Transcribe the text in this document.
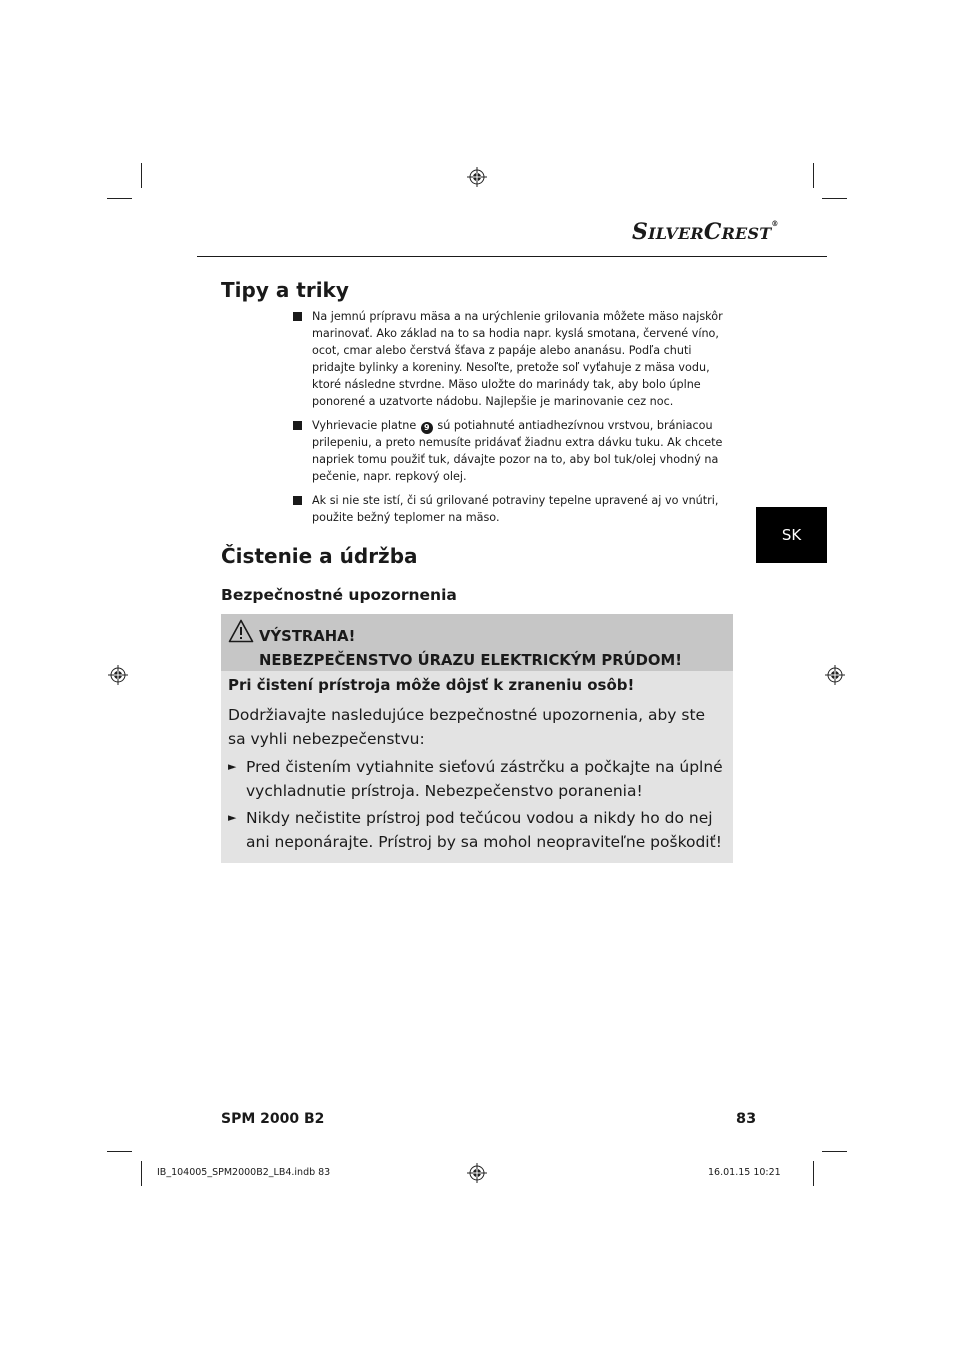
SILVERCREST®
Tipy a triky
Na jemnú prípravu mäsa a na urýchlenie grilovania môžete mäso najskôr marinovať. Ako základ na to sa hodia napr. kyslá smotana, červené víno, ocot, cmar alebo čerstvá šťava z papáje alebo ananásu. Podľa chuti pridajte bylinky a koreniny. Nesoľte, pretože soľ vyťahuje z mäsa vodu, ktoré následne stvrdne. Mäso uložte do marinády tak, aby bolo úplne ponorené a uzatvorte nádobu. Najlepšie je marinovanie cez noc.
Vyhrievacie platne 9 sú potiahnuté antiadhezívnou vrstvou, brániacou prilepeniu, a preto nemusíte pridávať žiadnu extra dávku tuku. Ak chcete napriek tomu použiť tuk, dávajte pozor na to, aby bol tuk/olej vhodný na pečenie, napr. repkový olej.
Ak si nie ste istí, či sú grilované potraviny tepelne upravené aj vo vnútri, použite bežný teplomer na mäso.
SK
Čistenie a údržba
Bezpečnostné upozornenia
VÝSTRAHA!
NEBEZPEČENSTVO ÚRAZU ELEKTRICKÝM PRÚDOM!
Pri čistení prístroja môže dôjsť k zraneniu osôb!
Dodržiavajte nasledujúce bezpečnostné upozornenia, aby ste sa vyhli nebezpečenstvu:
► Pred čistením vytiahnite sieťovú zástrčku a počkajte na úplné vychladnutie prístroja. Nebezpečenstvo poranenia!
► Nikdy nečistite prístroj pod tečúcou vodou a nikdy ho do nej ani neponárajte. Prístroj by sa mohol neopraviteľne poškodiť!
SPM 2000 B2	83
IB_104005_SPM2000B2_LB4.indb 83	16.01.15 10:21
